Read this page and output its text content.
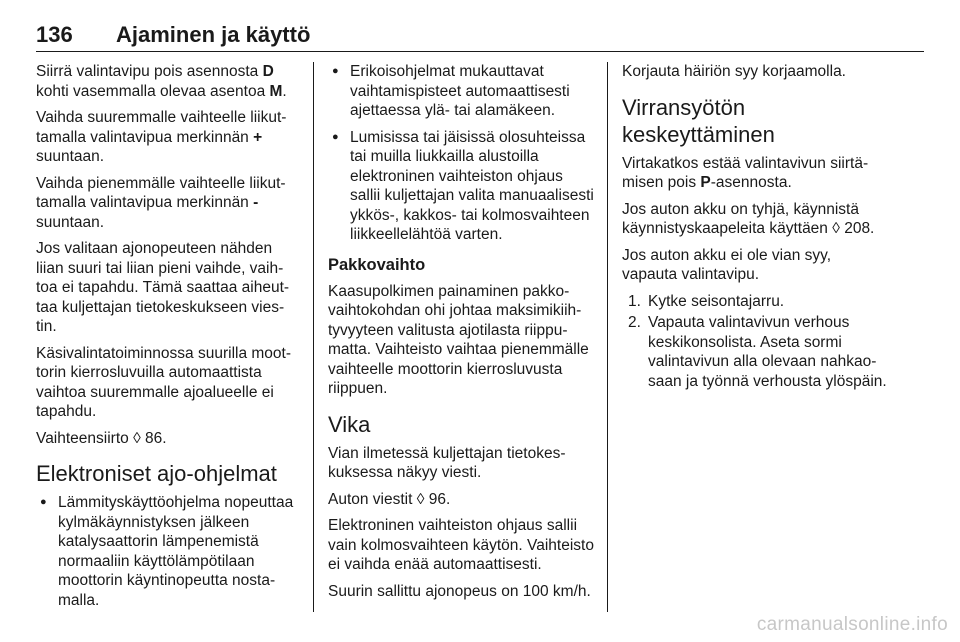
136 Ajaminen ja käyttö

Siirrä valintavipu pois asennosta D kohti vasemmalla olevaa asentoa M.

Vaihda suuremmalle vaihteelle liikuttamalla valintavipua merkinnän + suuntaan.

Vaihda pienemmälle vaihteelle liikuttamalla valintavipua merkinnän - suuntaan.

Jos valitaan ajonopeuteen nähden liian suuri tai liian pieni vaihde, vaihtoa ei tapahdu. Tämä saattaa aiheuttaa kuljettajan tietokeskukseen viestin.

Käsivalintatoiminnossa suurilla moottorin kierrosluvuilla automaattista vaihtoa suuremmalle ajoalueelle ei tapahdu.

Vaihteensiirto ◊ 86.

Elektroniset ajo-ohjelmat
● Lämmityskäyttöohjelma nopeuttaa kylmäkäynnistyksen jälkeen katalysaattorin lämpenemistä normaaliin käyttölämpötilaan moottorin käyntinopeutta nostamalla.
● Erikoisohjelmat mukauttavat vaihtamispisteet automaattisesti ajettaessa ylä- tai alamäkeen.
● Lumisissa tai jäisissä olosuhteissa tai muilla liukkailla alustoilla elektroninen vaihteiston ohjaus sallii kuljettajan valita manuaalisesti ykkös-, kakkos- tai kolmosvaihteen liikkeellelähtöä varten.
Pakkovaihto

Kaasupolkimen painaminen pakkovaihtokohdan ohi johtaa maksimikiihtyvyyteen valitusta ajotilasta riippumatta. Vaihteisto vaihtaa pienemmälle vaihteelle moottorin kierrosluvusta riippuen.

Vika

Vian ilmetessä kuljettajan tietokeskuksessa näkyy viesti.

Auton viestit ◊ 96.

Elektroninen vaihteiston ohjaus sallii vain kolmosvaihteen käytön. Vaihteisto ei vaihda enää automaattisesti.

Suurin sallittu ajonopeus on 100 km/h.

Korjauta häiriön syy korjaamolla.

Virransyötön keskeyttäminen

Virtakatkos estää valintavivun siirtämisen pois P-asennosta.

Jos auton akku on tyhjä, käynnistä käynnistyskaapeleita käyttäen ◊ 208.

Jos auton akku ei ole vian syy, vapauta valintavipu.

1. Kytke seisontajarru.
2. Vapauta valintavivun verhous keskikonsolista. Aseta sormi valintavivun alla olevaan nahkaosaan ja työnnä verhousta ylöspäin.
carmanualsonline.info
